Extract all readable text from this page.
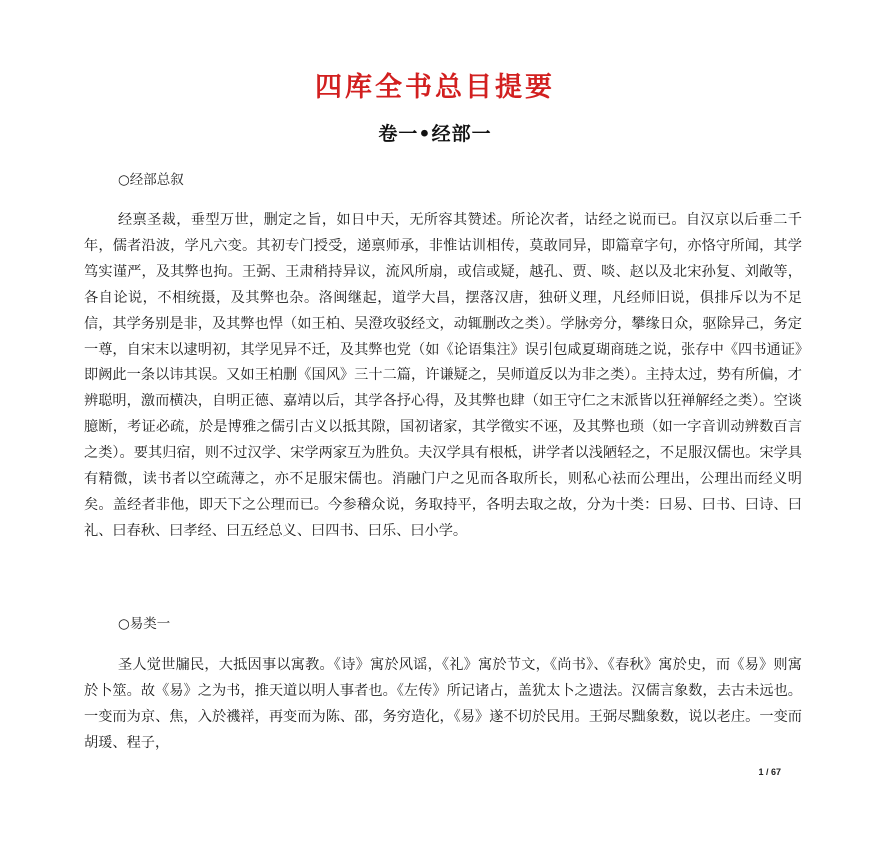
四库全书总目提要
卷一•经部一
○经部总叙

经禀圣裁，垂型万世，删定之旨，如日中天，无所容其赞述。所论次者，诂经之说而已。自汉京以后垂二千年，儒者沿波，学凡六变。其初专门授受，递禀师承，非惟诂训相传，莫敢同异，即篇章字句，亦恪守所闻，其学笃实谨严，及其弊也拘。王弼、王肃稍持异议，流风所扇，或信或疑，越孔、贾、啖、赵以及北宋孙复、刘敞等，各自论说，不相统摄，及其弊也杂。洛闽继起，道学大昌，摆落汉唐，独研义理，凡经师旧说，俱排斥以为不足信，其学务别是非，及其弊也悍（如王柏、吴澄攻驳经文，动辄删改之类）。学脉旁分，攀缘日众，驱除异己，务定一尊，自宋末以逮明初，其学见异不迁，及其弊也党（如《论语集注》误引包咸夏瑚商琏之说，张存中《四书通证》即阙此一条以讳其误。又如王柏删《国风》三十二篇，许谦疑之，吴师道反以为非之类）。主持太过，势有所偏，才辨聪明，激而横决，自明正德、嘉靖以后，其学各抒心得，及其弊也肆（如王守仁之末派皆以狂禅解经之类）。空谈臆断，考证必疏，於是博雅之儒引古义以抵其隙，国初诸家，其学徵实不诬，及其弊也琐（如一字音训动辨数百言之类）。要其归宿，则不过汉学、宋学两家互为胜负。夫汉学具有根柢，讲学者以浅陋轻之，不足服汉儒也。宋学具有精微，读书者以空疏薄之，亦不足服宋儒也。消融门户之见而各取所长，则私心祛而公理出，公理出而经义明矣。盖经者非他，即天下之公理而已。今参稽众说，务取持平，各明去取之故，分为十类：曰易、曰书、曰诗、曰礼、曰春秋、曰孝经、曰五经总义、曰四书、曰乐、曰小学。

○易类一

圣人觉世牖民，大抵因事以寓教。《诗》寓於风谣，《礼》寓於节文，《尚书》、《春秋》寓於史，而《易》则寓於卜筮。故《易》之为书，推天道以明人事者也。《左传》所记诸占，盖犹太卜之遗法。汉儒言象数，去古未远也。一变而为京、焦，入於禨祥，再变而为陈、邵，务穷造化，《易》遂不切於民用。王弼尽黜象数，说以老庄。一变而胡瑗、程子，

1 / 67
